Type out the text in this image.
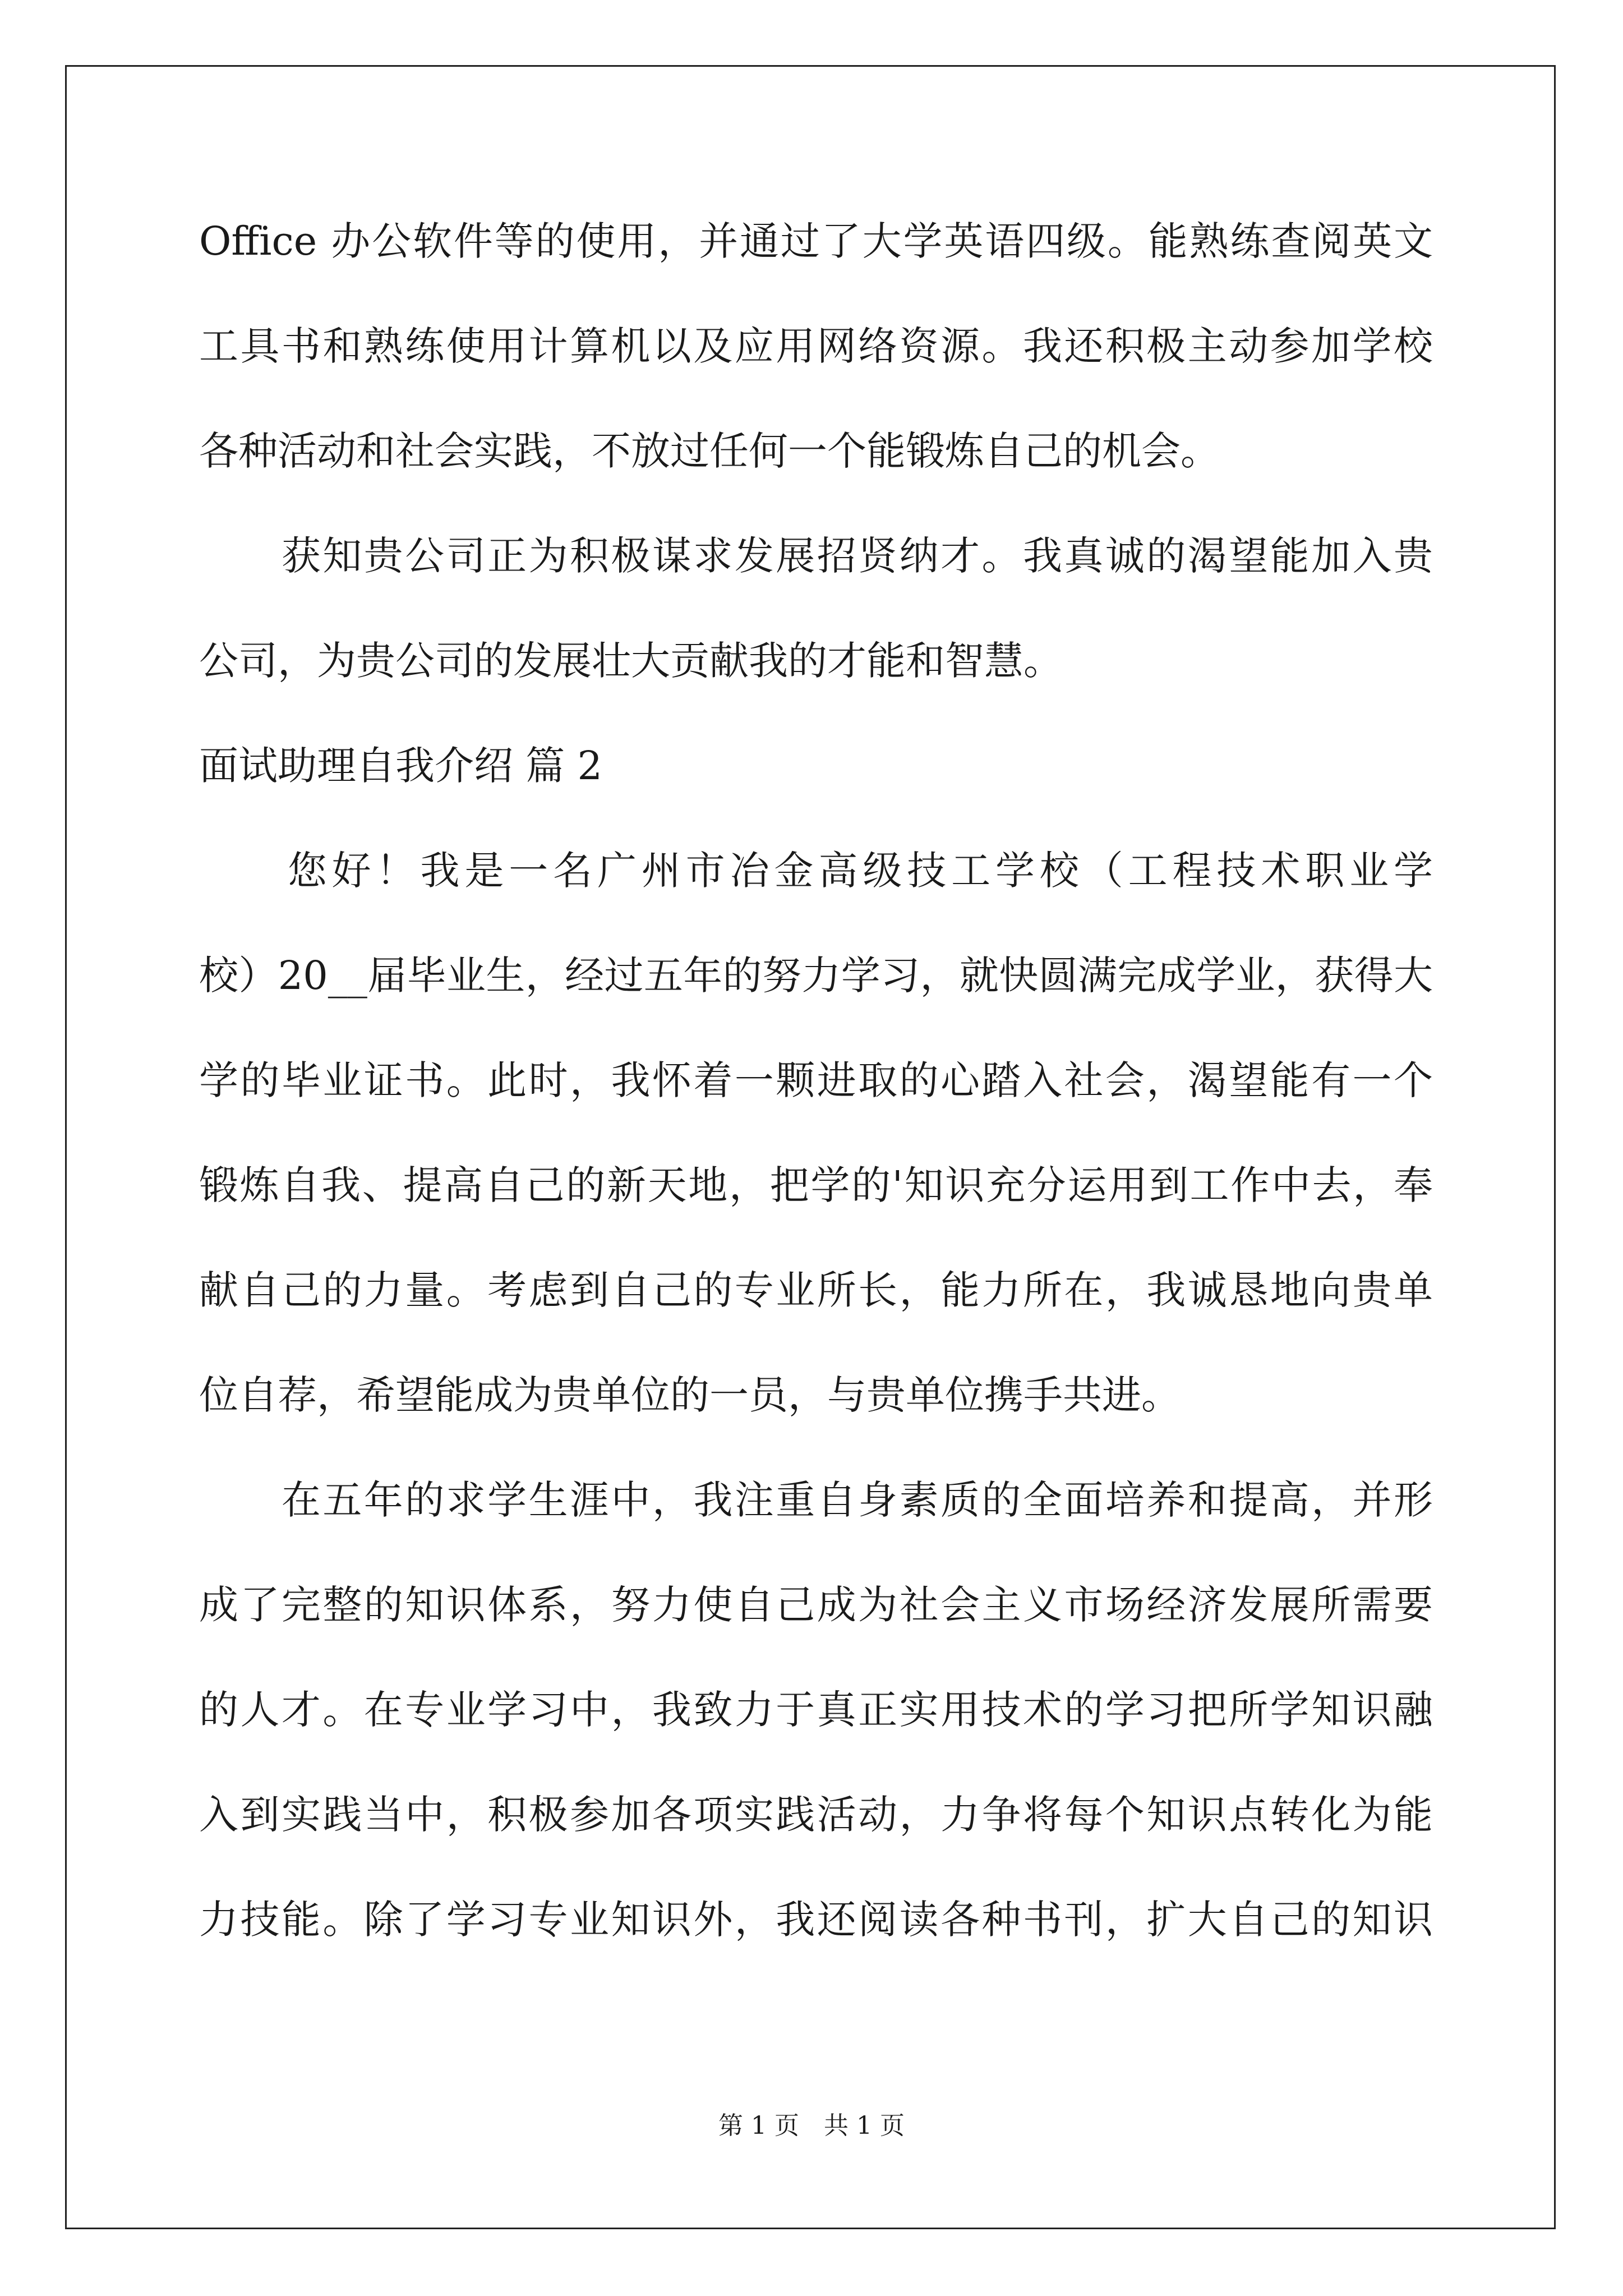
Office 办公软件等的使用，并通过了大学英语四级。能熟练查阅英文
工具书和熟练使用计算机以及应用网络资源。我还积极主动参加学校
各种活动和社会实践，不放过任何一个能锻炼自己的机会。
　　获知贵公司正为积极谋求发展招贤纳才。我真诚的渴望能加入贵
公司，为贵公司的发展壮大贡献我的才能和智慧。
面试助理自我介绍 篇 2
　　您好！我是一名广州市冶金高级技工学校（工程技术职业学
校）20__届毕业生，经过五年的努力学习，就快圆满完成学业，获得大
学的毕业证书。此时，我怀着一颗进取的心踏入社会，渴望能有一个
锻炼自我、提高自己的新天地，把学的'知识充分运用到工作中去，奉
献自己的力量。考虑到自己的专业所长，能力所在，我诚恳地向贵单
位自荐，希望能成为贵单位的一员，与贵单位携手共进。
　　在五年的求学生涯中，我注重自身素质的全面培养和提高，并形
成了完整的知识体系，努力使自己成为社会主义市场经济发展所需要
的人才。在专业学习中，我致力于真正实用技术的学习把所学知识融
入到实践当中，积极参加各项实践活动，力争将每个知识点转化为能
力技能。除了学习专业知识外，我还阅读各种书刊，扩大自己的知识
第 1 页　共 1 页
